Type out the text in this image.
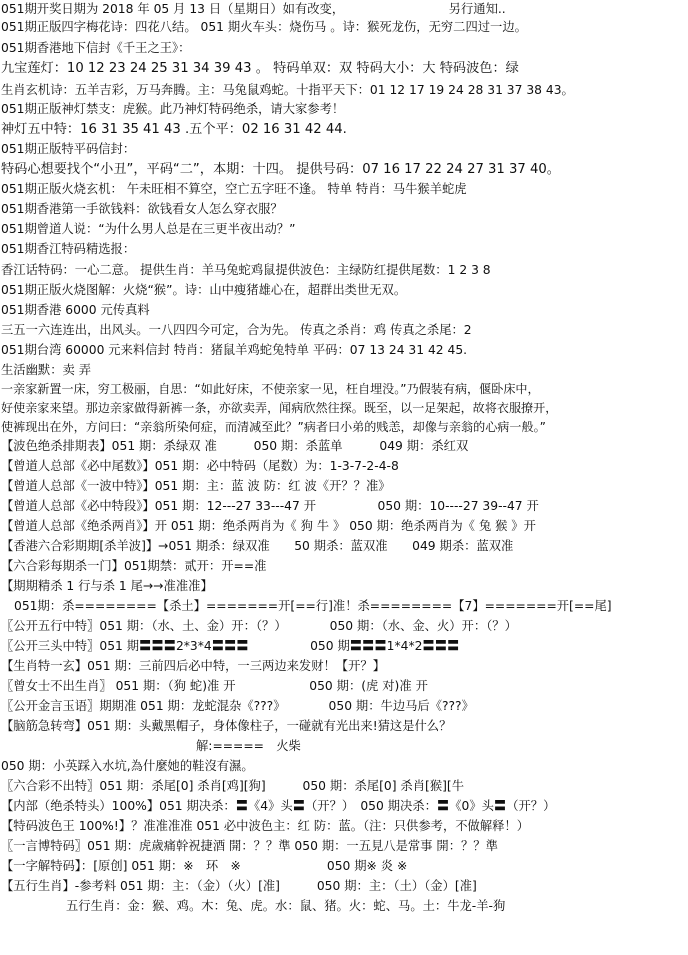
051期开奖日期为 2018 年 05 月 13 日（星期日）如有改变，　　　　　　　　　另行通知..
051期正版四字梅花诗：四花八结。 051 期火车头：烧伤马 。诗：猴死龙伤，无穷二四过一边。
051期香港地下信封《千王之王》：
九宝莲灯：10 12 23 24 25 31 34 39 43 。 特码单双：双 特码大小：大 特码波色：绿
生肖玄机诗：五羊吉彩，万马奔腾。主：马兔鼠鸡蛇。十指平天下：01 12 17 19 24 28 31 37 38 43。
051期正版神灯禁支：虎猴。此乃神灯特码绝杀，请大家参考！
神灯五中特：16 31 35 41 43 .五个平：02 16 31 42 44.
051期正版特平码信封：
特码心想要找个“小丑”，平码“二”，本期：十四。 提供号码：07 16 17 22 24 27 31 37 40。
051期正版火烧玄机： 午未旺相不算空，空亡五字旺不逢。 特单 特肖：马牛猴羊蛇虎
051期香港第一手欲钱料：欲钱看女人怎么穿衣服？
051期曾道人说：“为什么男人总是在三更半夜出动？”
051期香江特码精选报：
香江话特码：一心二意。 提供生肖：羊马兔蛇鸡鼠提供波色：主绿防红提供尾数：1 2 3 8
051期正版火烧图解：火烧“猴”。诗：山中瘦猪雄心在，超群出类世无双。
051期香港 6000 元传真料
三五一六连连出，出风头。一八四四今可定，合为先。 传真之杀肖：鸡 传真之杀尾：2
051期台湾 60000 元来料信封 特肖：猪鼠羊鸡蛇兔特单 平码：07 13 24 31 42 45.
生活幽默：卖 弄
一亲家新置一床，穷工极丽，自思：“如此好床，不使亲家一见，枉自埋没。”乃假装有病，偃卧床中，
好使亲家来望。那边亲家做得新裤一条，亦欲卖弄，闻病欣然往探。既至，以一足架起，故将衣服撩开，
使裤现出在外，方问曰：“亲翁所染何症，而清减至此？”病者曰小弟的贱恙，却像与亲翁的心病一般。”
【波色绝杀排期表】051 期：杀绿双 准　　　050 期：杀蓝单　　　049 期：杀红双
【曾道人总部《必中尾数》】051 期：必中特码（尾数）为：1-3-7-2-4-8
【曾道人总部《一波中特》】051 期：主：蓝 波 防：红 波《开？？准》
【曾道人总部《必中特段》】051 期：12---27 33---47 开　　　　　050 期：10----27 39--47 开
【曾道人总部《绝杀两肖》】开 051 期：绝杀两肖为《 狗 牛 》 050 期：绝杀两肖为《 兔 猴 》开
【香港六合彩期期[杀羊波]】→051 期杀：绿双准　　50 期杀：蓝双准　　049 期杀：蓝双准
【六合彩每期杀一门】051期禁：贰开：开==准
【期期精杀 1 行与杀 1 尾→→准准准】
051期：杀========【杀土】=======开[==行]准！杀========【7】=======开[==尾]
〖公开五行中特〗051 期：（水、土、金）开：（？）　　　　050 期：（水、金、火）开：（？）
〖公开三头中特〗051 期〓〓〓2*3*4〓〓〓　　　　　050 期〓〓〓1*4*2〓〓〓
【生肖特一玄】051 期：三前四后必中特，一三两边来发财！【开？】
〖曾女士不出生肖〗 051 期：（狗 蛇)准 开　　　　　　050 期：(虎 对)准 开
〖公开金言玉语〗期期准 051 期：龙蛇混杂《???》　　　　050 期：牛边马后《???》
【脑筋急转弯】051 期：头戴黑帽子，身体像柱子，一碰就有光出来!猜这是什么？
解:=====　火柴
050 期：小英踩入水坑,為什麼她的鞋沒有濕。
〖六合彩不出特〗051 期：杀尾[0] 杀肖[鸡][狗]　　　050 期：杀尾[0] 杀肖[猴][牛
【内部（绝杀特头）100%】051 期决杀：〓《4》头〓（开？）　050 期决杀：〓《0》头〓（开？）
【特码波色王 100%!】？准准准准 051 必中波色主：红 防：蓝。（注：只供参考，不做解释！）
〖一言博特码〗051 期：虎歲痛幹祝捷酒 開：？？準 050 期：一五見八是常事 開：？？準
【一字解特码】：[原创] 051 期：※　环　※　　　　　　　050 期※ 炎 ※
【五行生肖】-参考料 051 期：主：（金）（火）[准]　　　050 期：主：（土）（金）[准]
五行生肖：金：猴、鸡。木：兔、虎。水：鼠、猪。火：蛇、马。土：牛龙-羊-狗
